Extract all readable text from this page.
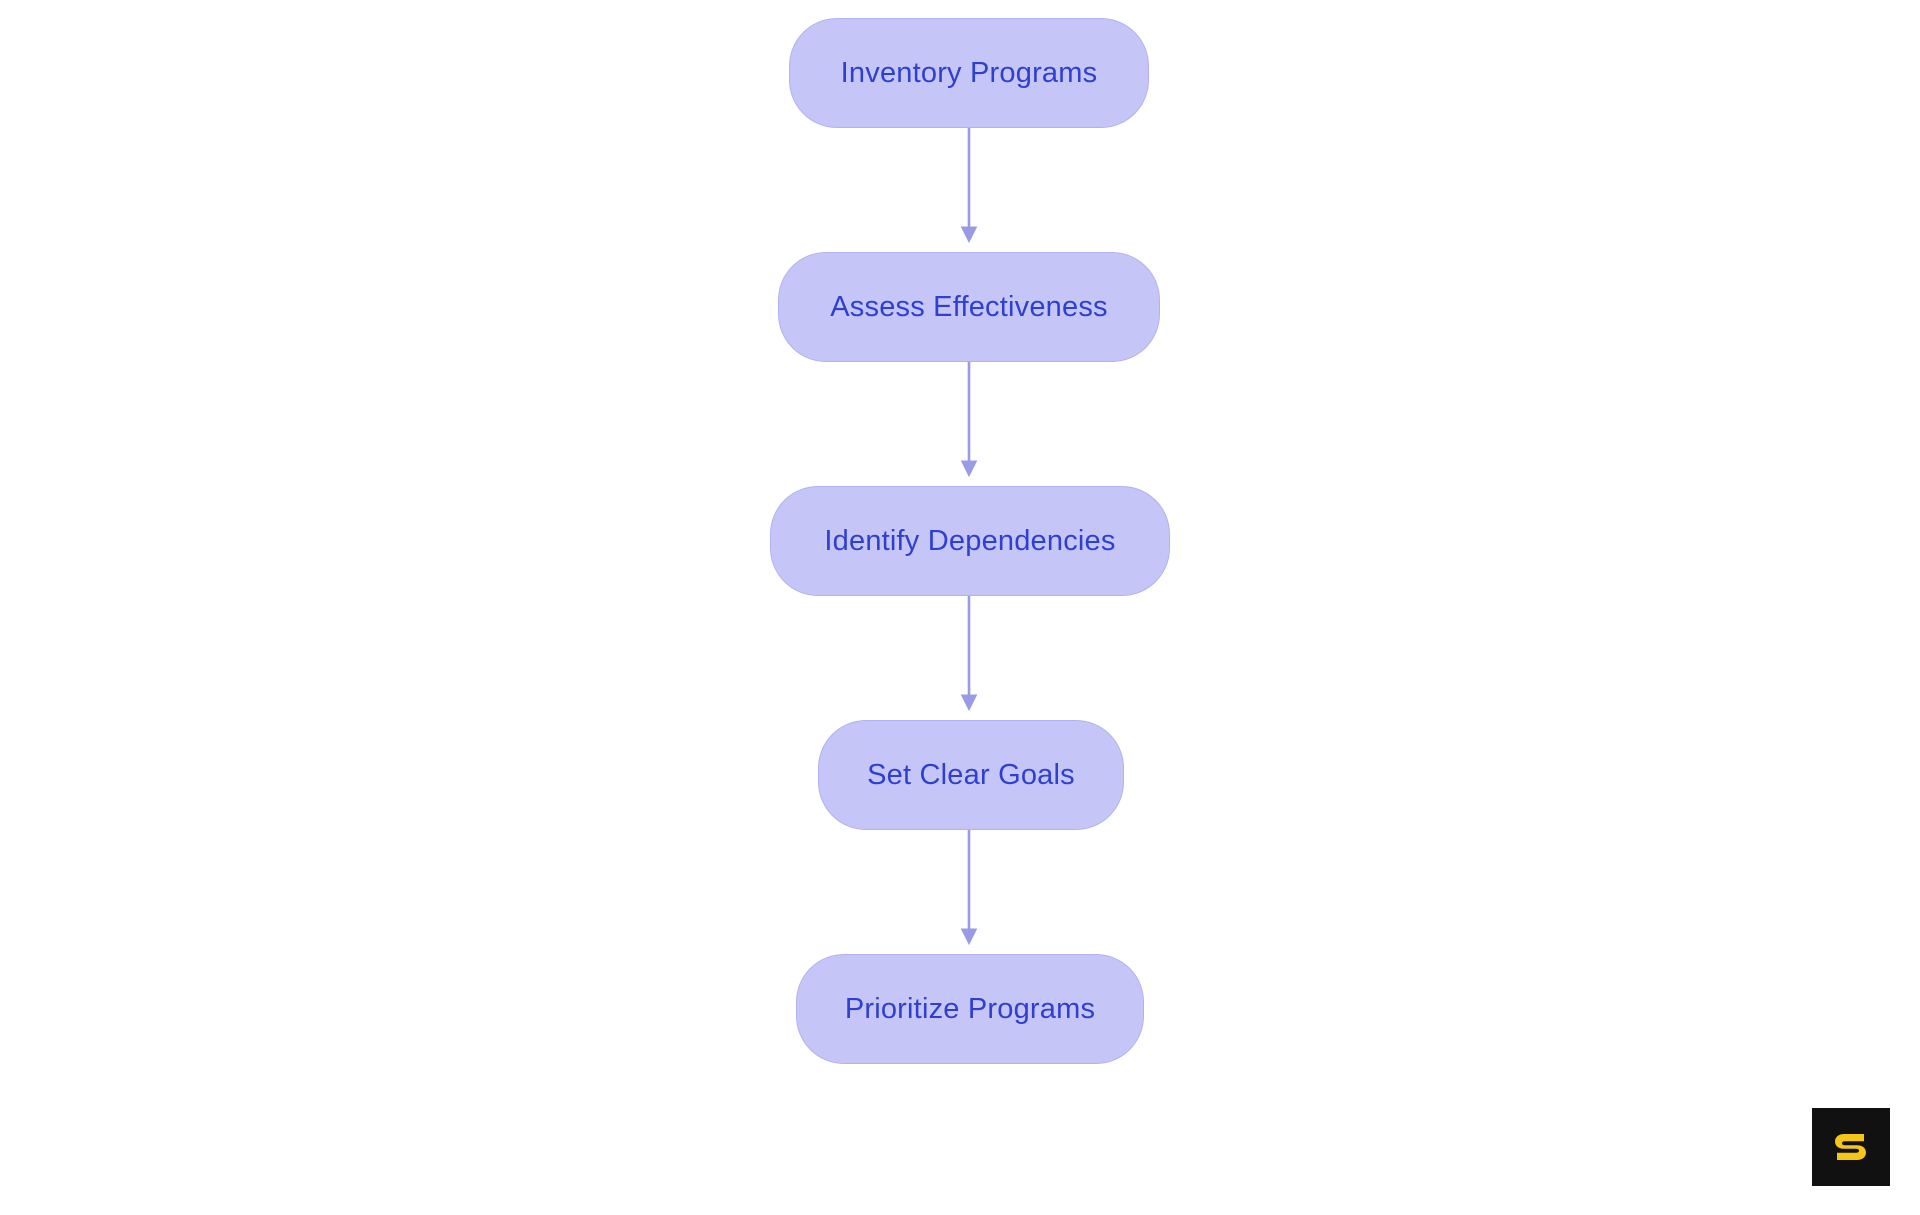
Inventory Programs
Assess Effectiveness
Identify Dependencies
Set Clear Goals
Prioritize Programs
